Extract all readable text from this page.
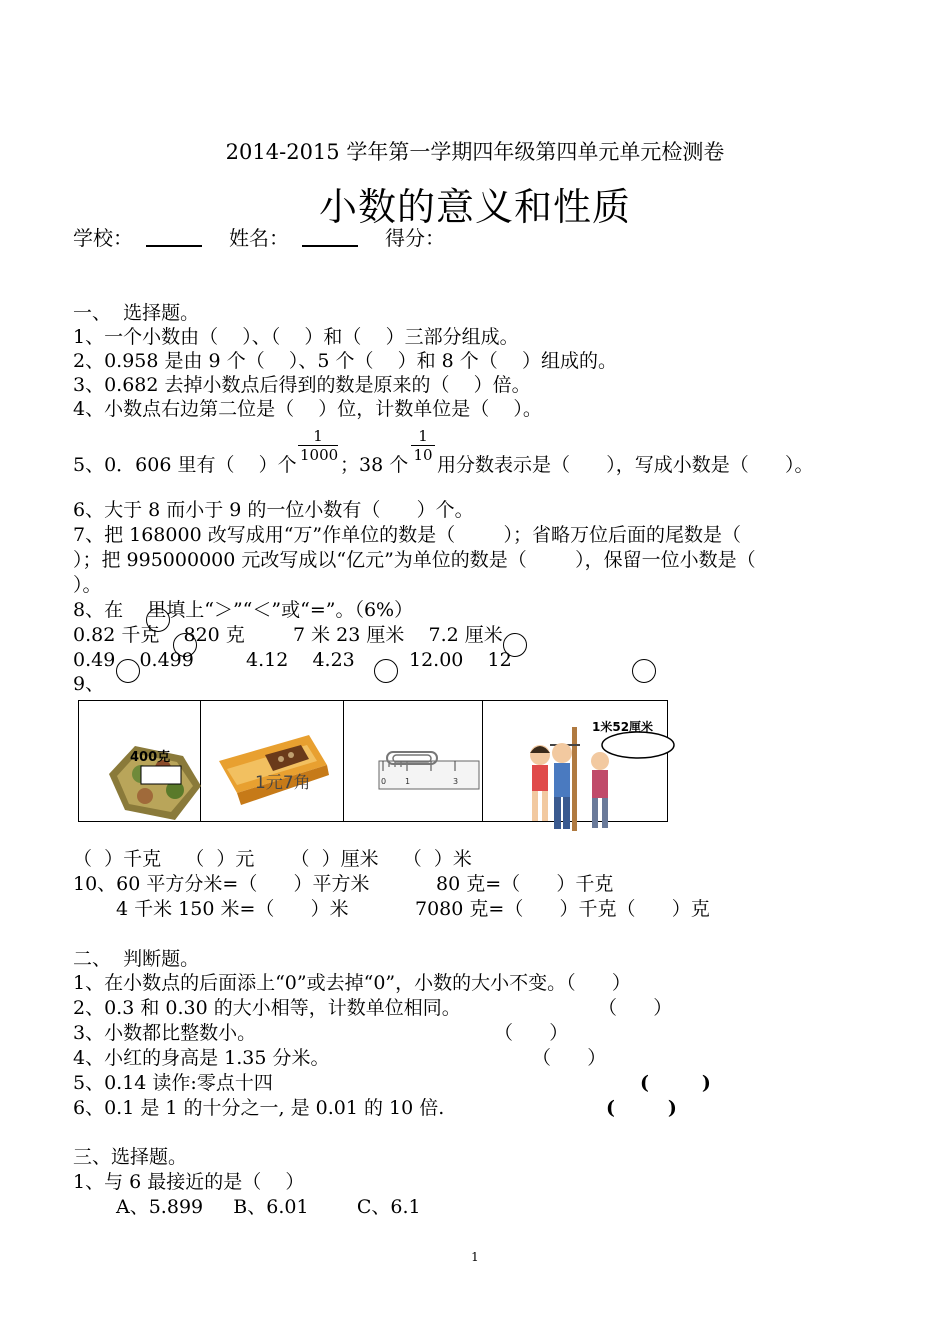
2014-2015 学年第一学期四年级第四单元单元检测卷
小数的意义和性质
学校：	姓名：	得分：
一、  选择题。
1、一个小数由（    ）、（    ）和（    ）三部分组成。
2、0.958 是由 9 个（    ）、5 个（    ）和 8 个（    ）组成的。
3、0.682 去掉小数点后得到的数是原来的（    ）倍。
4、小数点右边第二位是（    ）位，计数单位是（    ）。
5、0．606 里有（    ）个
$\frac{1}{1000}$
；38 个
$\frac{1}{10}$
用分数表示是（      ），写成小数是（      ）。
6、大于 8 而小于 9 的一位小数有（      ）个。
7、把 168000 改写成用“万”作单位的数是（        ）；省略万位后面的尾数是（
）；把 995000000 元改写成以“亿元”为单位的数是（        ），保留一位小数是（
）。
8、在    里填上“＞”“＜”或“=”。（6%）
0.82 千克    820 克	7 米 23 厘米    7.2 厘米
0.49    0.499	4.12    4.23	12.00    12
9、

400克

1元7角

	0 1	3

1米52厘米
（  ）千克    （  ）元      （  ）厘米    （  ）米
10、60 平方分米=（      ）平方米	80 克=（      ）千克
4 千米 150 米=（      ）米	7080 克=（      ）千克（      ）克
二、  判断题。
1、在小数点的后面添上“0”或去掉“0”，小数的大小不变。（      ）
2、0.3 和 0.30 的大小相等，计数单位相同。	（      ）
3、小数都比整数小。	（      ）
4、小红的身高是 1.35 分米。	（      ）
5、0.14 读作:零点十四	(        )
6、0.1 是 1 的十分之一, 是 0.01 的 10 倍.	(        )
三、选择题。
1、与 6 最接近的是（    ）
A、5.899     B、6.01        C、6.1
1
